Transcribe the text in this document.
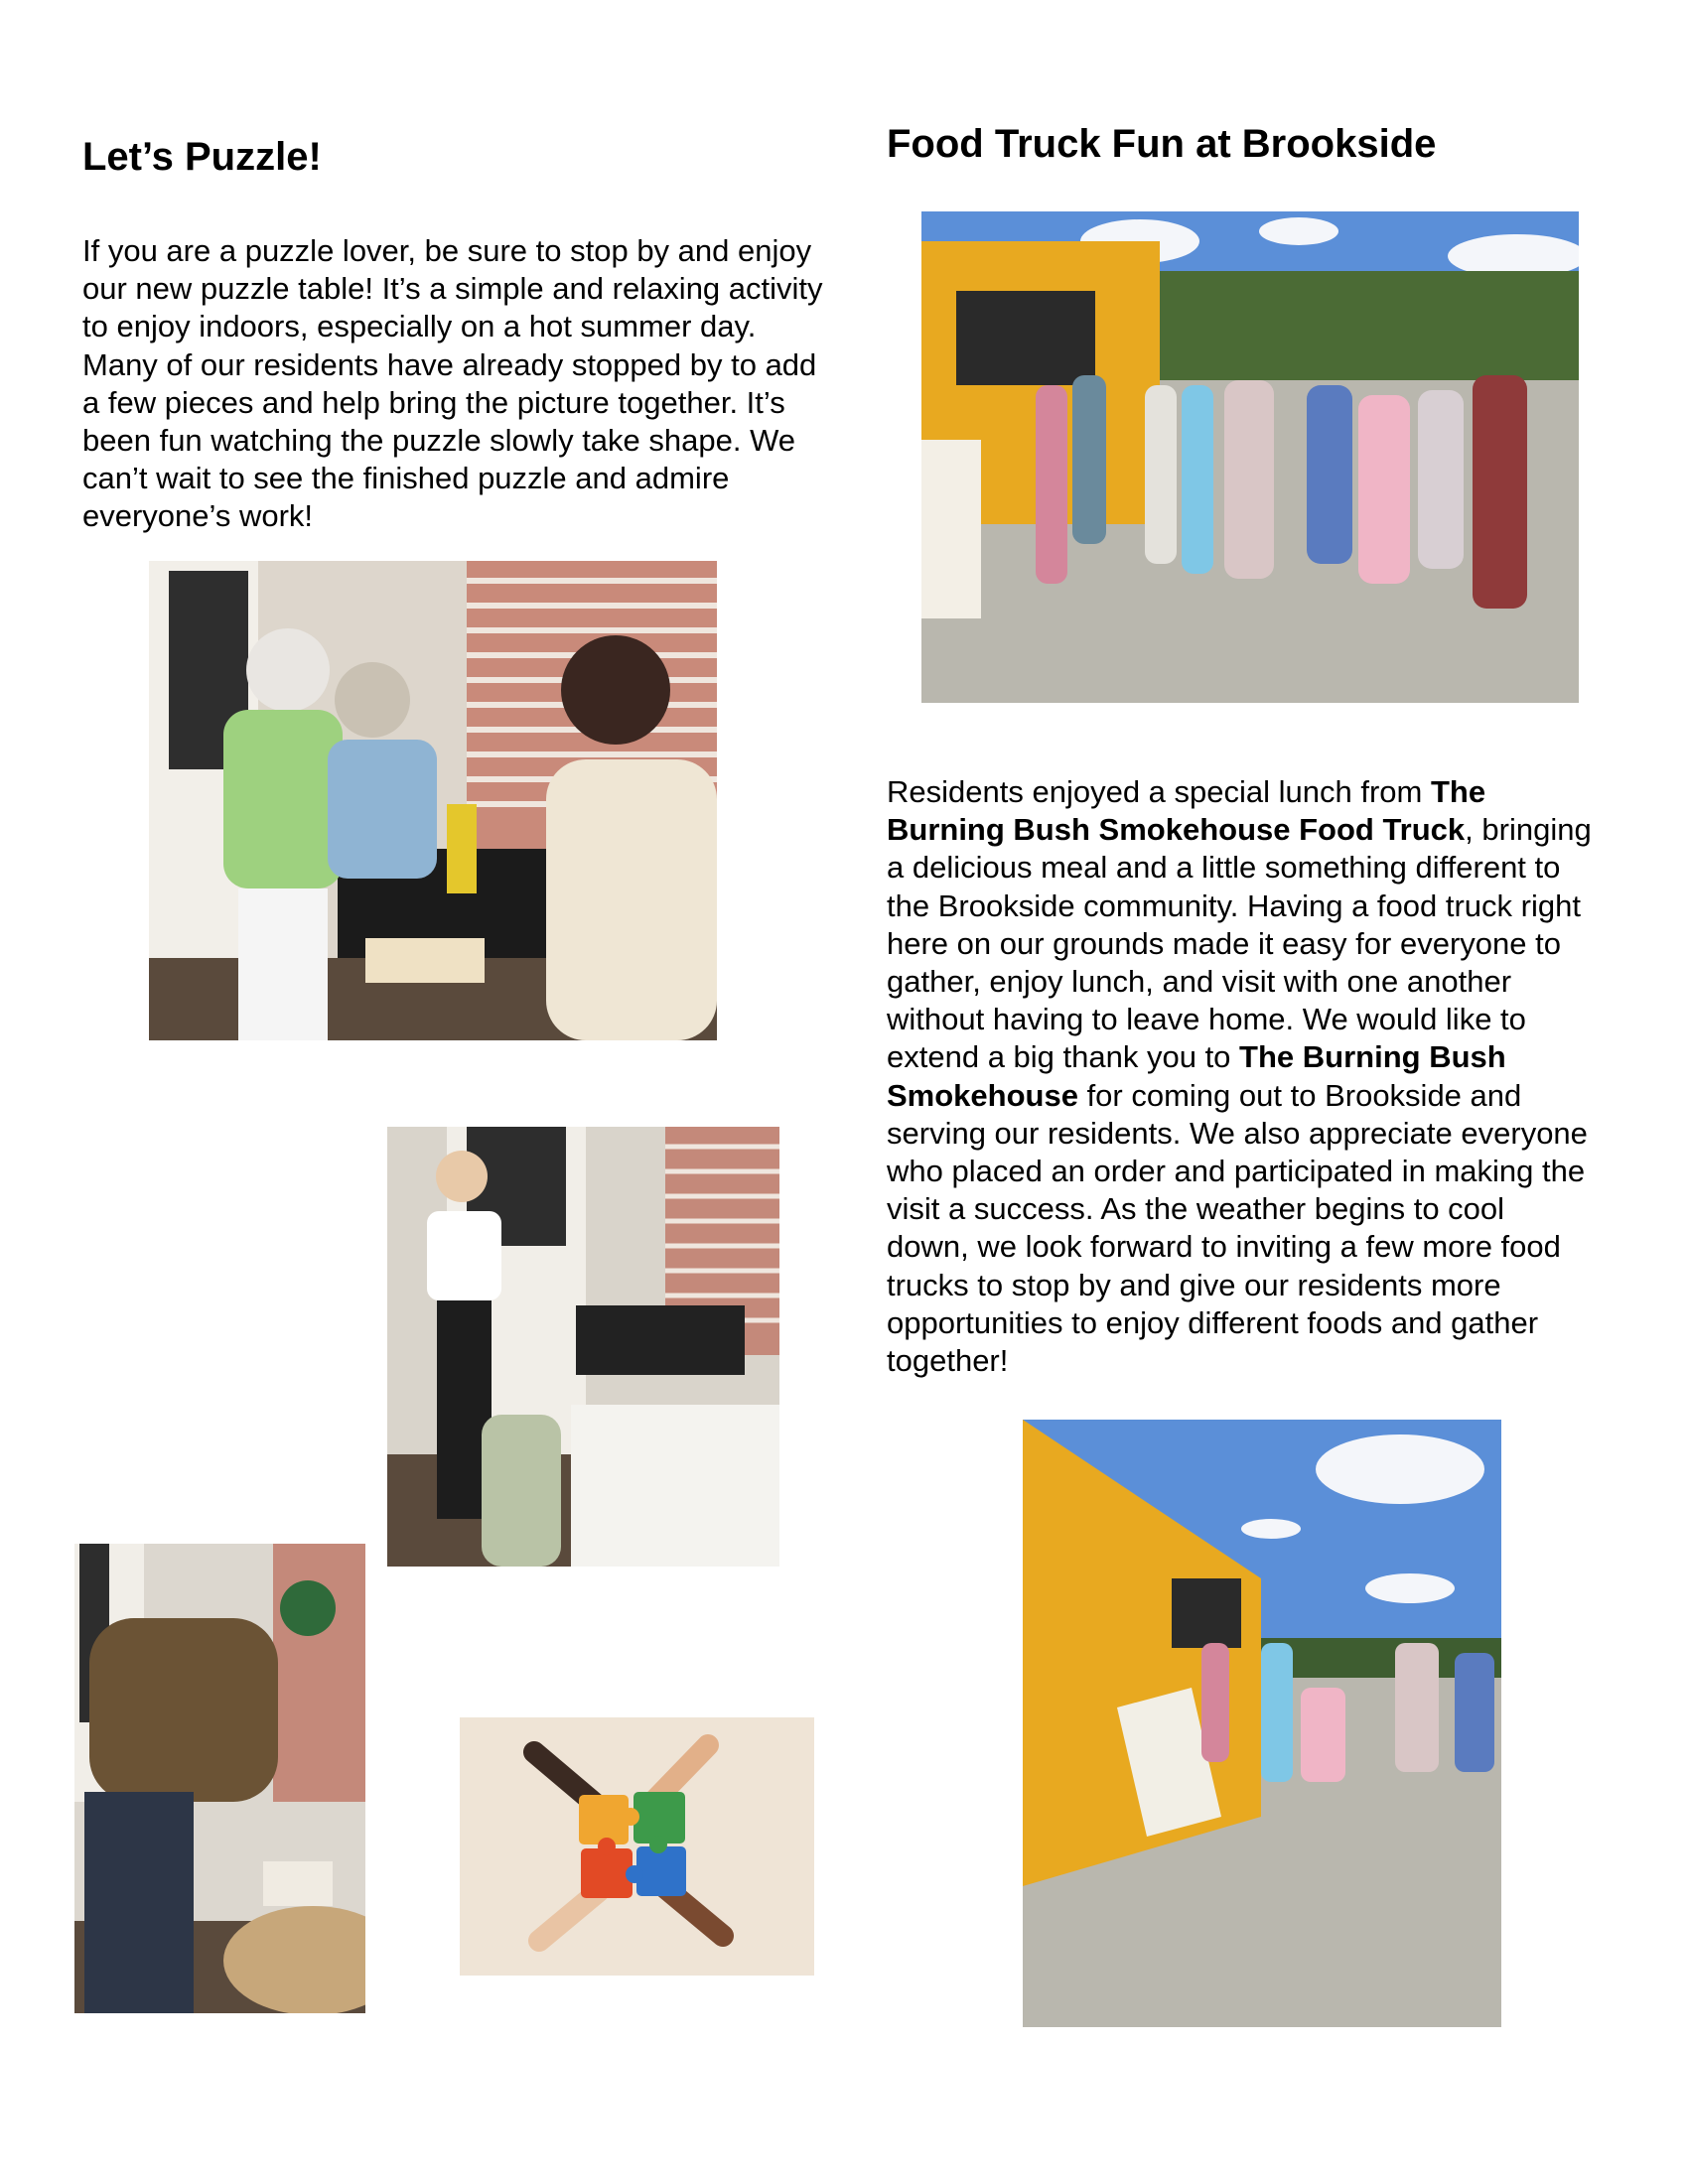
Let’s Puzzle!

If you are a puzzle lover, be sure to stop by and enjoy our new puzzle table! It’s a simple and relaxing activity to enjoy indoors, especially on a hot summer day. Many of our residents have already stopped by to add a few pieces and help bring the picture together. It’s been fun watching the puzzle slowly take shape. We can’t wait to see the finished puzzle and admire everyone’s work!

Food Truck Fun at Brookside

Residents enjoyed a special lunch from The Burning Bush Smokehouse Food Truck, bringing a delicious meal and a little something different to the Brookside community. Having a food truck right here on our grounds made it easy for everyone to gather, enjoy lunch, and visit with one another without having to leave home. We would like to extend a big thank you to The Burning Bush Smokehouse for coming out to Brookside and serving our residents. We also appreciate everyone who placed an order and participated in making the visit a success. As the weather begins to cool down, we look forward to inviting a few more food trucks to stop by and give our residents more opportunities to enjoy different foods and gather together!
